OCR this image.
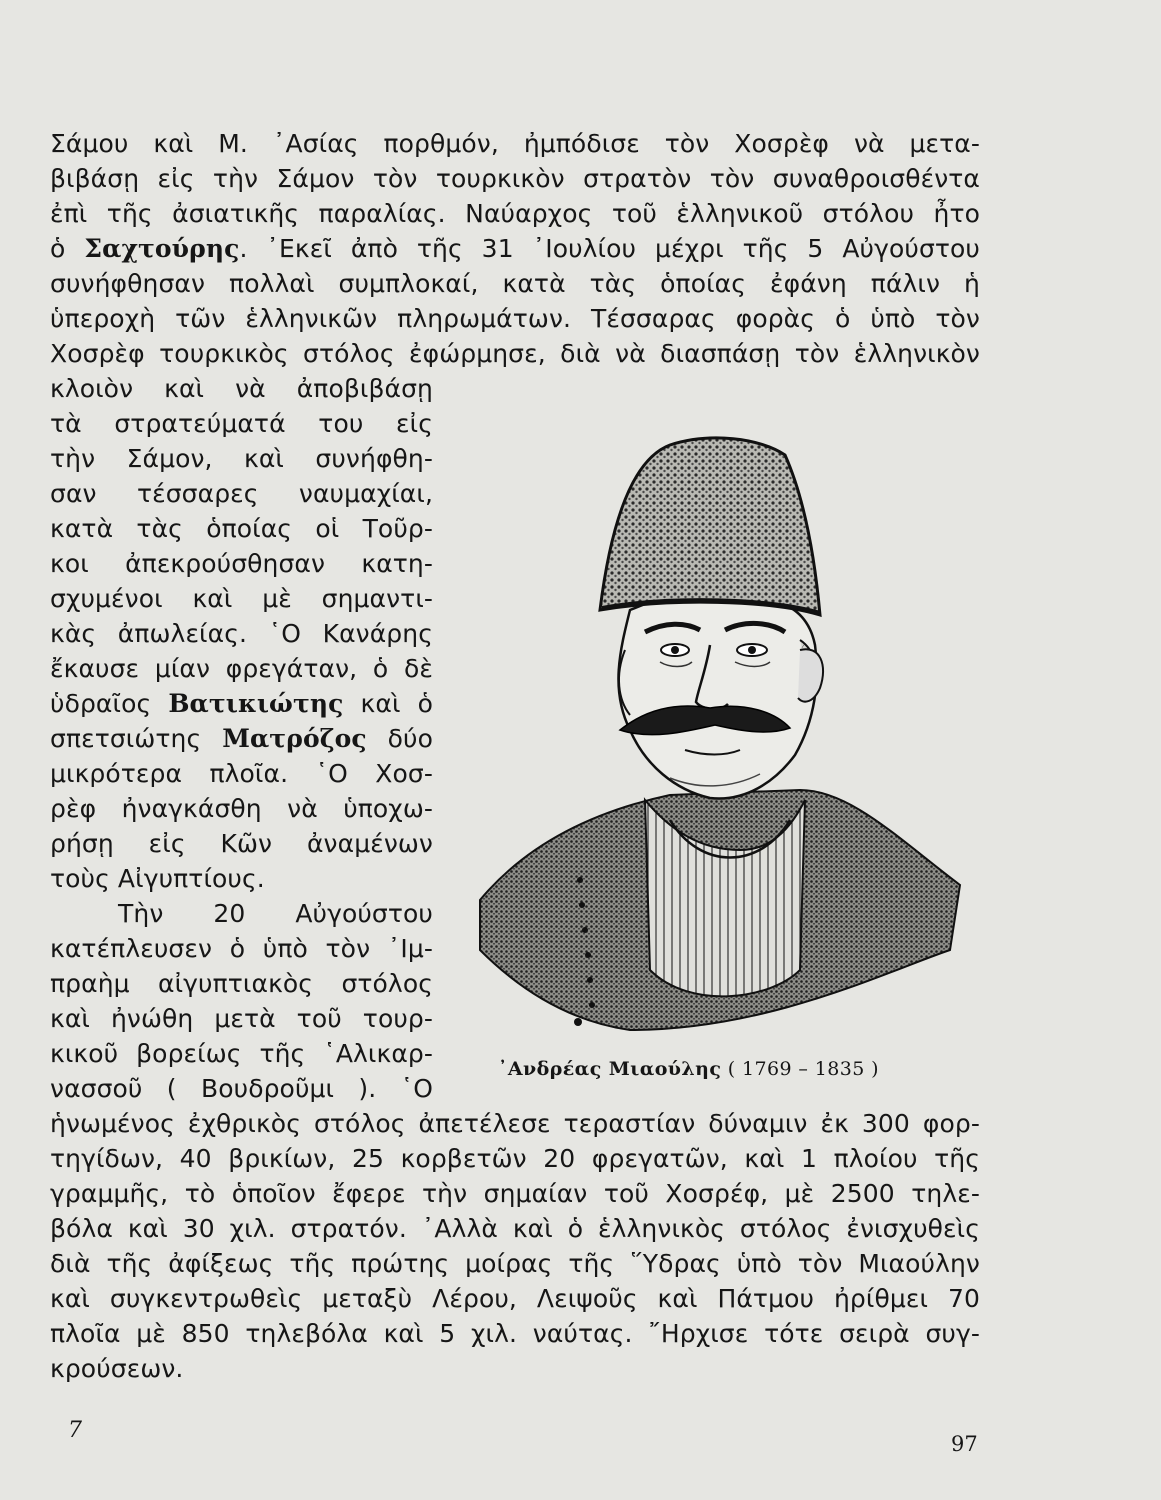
Σάμου καὶ Μ. ᾿Ασίας πορθμόν, ἠμπόδισε τὸν Χοσρὲφ νὰ μετα-
βιβάσῃ εἰς τὴν Σάμον τὸν τουρκικὸν στρατὸν τὸν συναθροισθέντα
ἐπὶ τῆς ἀσιατικῆς παραλίας. Ναύαρχος τοῦ ἑλληνικοῦ στόλου ἦτο
ὁ Σαχτούρης. ᾿Εκεῖ ἀπὸ τῆς 31 ᾿Ιουλίου μέχρι τῆς 5 Αὐγούστου
συνήφθησαν πολλαὶ συμπλοκαί, κατὰ τὰς ὁποίας ἐφάνη πάλιν ἡ
ὑπεροχὴ τῶν ἑλληνικῶν πληρωμάτων. Τέσσαρας φορὰς ὁ ὑπὸ τὸν
Χοσρὲφ τουρκικὸς στόλος ἐφώρμησε, διὰ νὰ διασπάσῃ τὸν ἑλληνικὸν
κλοιὸν καὶ νὰ ἀποβιβάσῃ
τὰ στρατεύματά του εἰς
τὴν Σάμον, καὶ συνήφθη-
σαν τέσσαρες ναυμαχίαι,
κατὰ τὰς ὁποίας οἱ Τοῦρ-
κοι ἀπεκρούσθησαν κατη-
σχυμένοι καὶ μὲ σημαντι-
κὰς ἀπωλείας. ῾Ο Κανάρης
ἔκαυσε μίαν φρεγάταν, ὁ δὲ
ὑδραῖος Βατικιώτης καὶ ὁ
σπετσιώτης Ματρόζος δύο
μικρότερα πλοῖα. ῾Ο Χοσ-
ρὲφ ἠναγκάσθη νὰ ὑποχω-
ρήσῃ εἰς Κῶν ἀναμένων
τοὺς Αἰγυπτίους.
Τὴν 20 Αὐγούστου
κατέπλευσεν ὁ ὑπὸ τὸν ᾿Ιμ-
πραὴμ αἰγυπτιακὸς στόλος
καὶ ἠνώθη μετὰ τοῦ τουρ-
κικοῦ βορείως τῆς ῾Αλικαρ-
νασσοῦ ( Βουδροῦμι ). ῾Ο
ἡνωμένος ἐχθρικὸς στόλος ἀπετέλεσε τεραστίαν δύναμιν ἐκ 300 φορ-
τηγίδων, 40 βρικίων, 25 κορβετῶν 20 φρεγατῶν, καὶ 1 πλοίου τῆς
γραμμῆς, τὸ ὁποῖον ἔφερε τὴν σημαίαν τοῦ Χοσρέφ, μὲ 2500 τηλε-
βόλα καὶ 30 χιλ. στρατόν. ᾿Αλλὰ καὶ ὁ ἑλληνικὸς στόλος ἐνισχυθεὶς
διὰ τῆς ἀφίξεως τῆς πρώτης μοίρας τῆς ῞Υδρας ὑπὸ τὸν Μιαούλην
καὶ συγκεντρωθεὶς μεταξὺ Λέρου, Λειψοῦς καὶ Πάτμου ἠρίθμει 70
πλοῖα μὲ 850 τηλεβόλα καὶ 5 χιλ. ναύτας. ῎Ηρχισε τότε σειρὰ συγ-
κρούσεων.
᾿Ανδρέας Μιαούλης ( 1769 – 1835 )
7
97
